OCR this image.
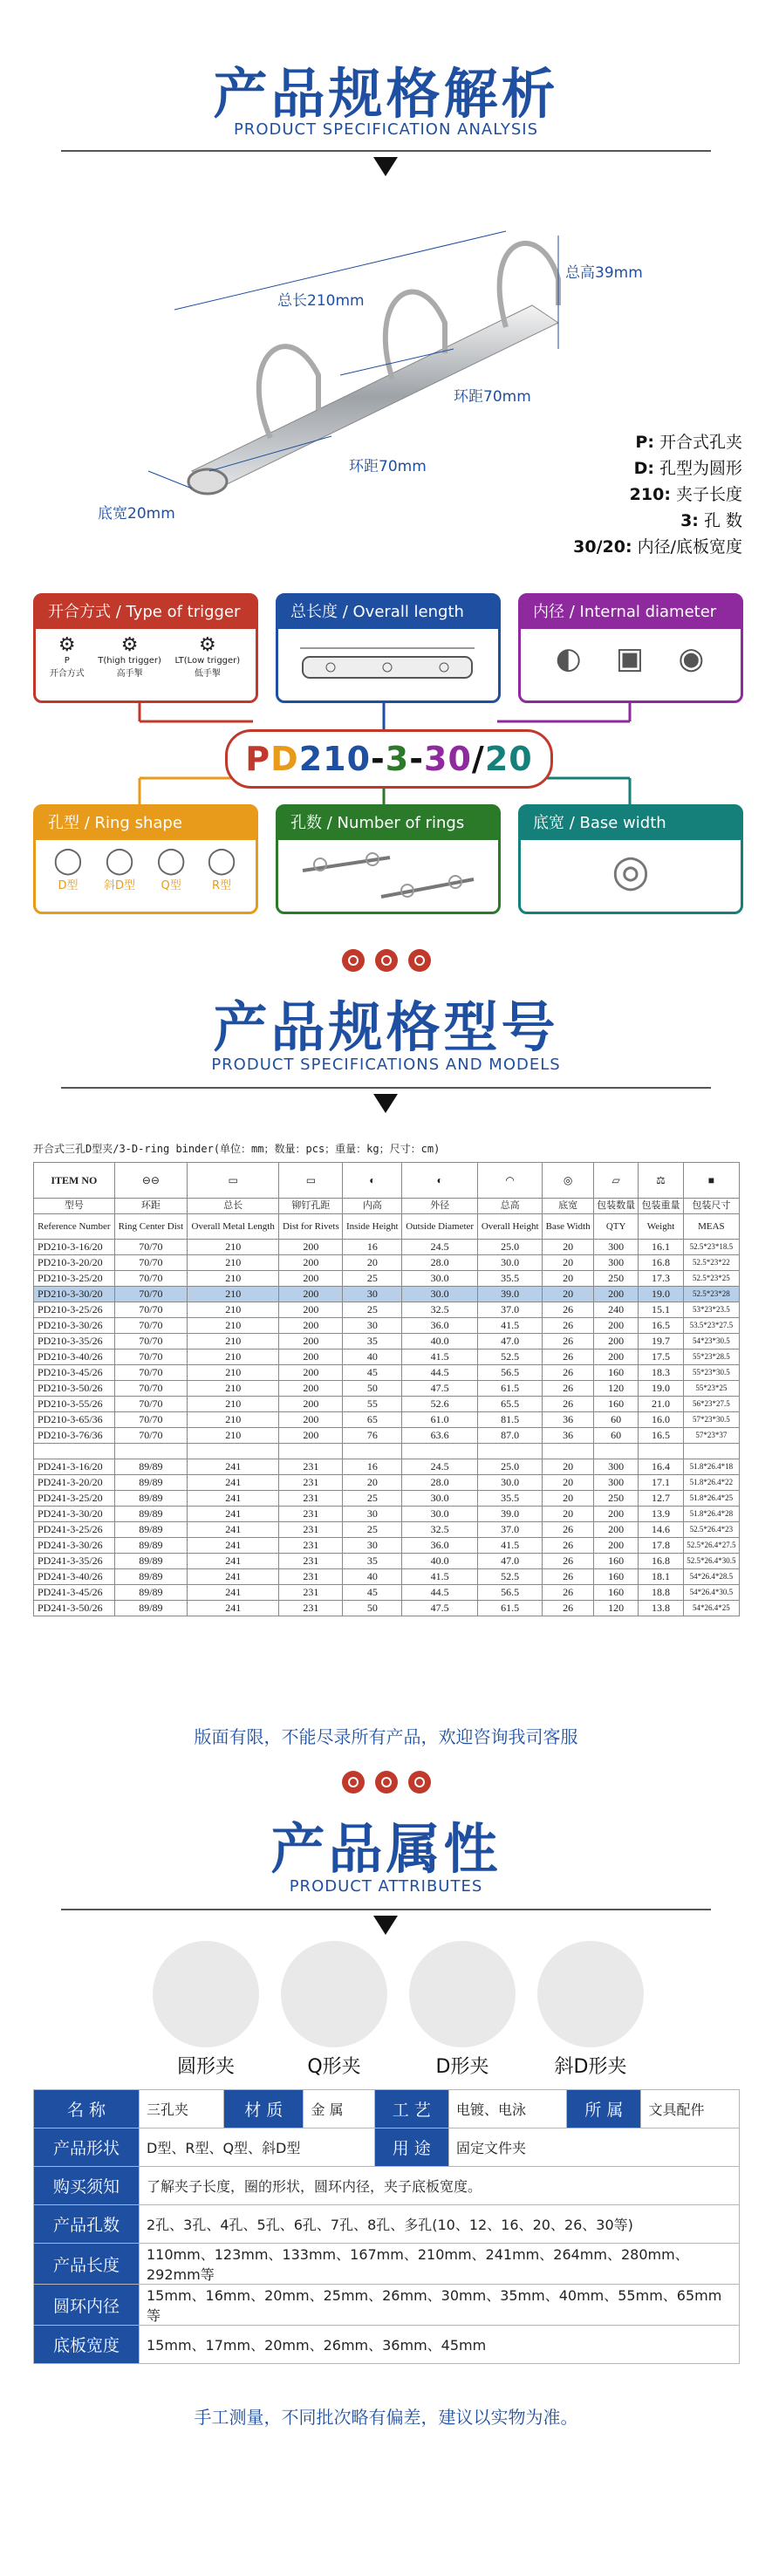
产品规格解析
PRODUCT SPECIFICATION ANALYSIS
总长210mm
总高39mm
环距70mm
环距70mm
底宽20mm
P: 开合式孔夹
D: 孔型为圆形
210: 夹子长度
3: 孔 数
30/20: 内径/底板宽度
开合方式 / Type of trigger
⚙
P
开合方式
⚙
T(high trigger)
高手掣
⚙
LT(Low trigger)
低手掣
总长度 / Overall length	内径 / Internal diameter
◐ ▣ ◉
PD210-3-30/20
孔型 / Ring shape
◯
D型
◯
斜D型
◯
Q型
◯
R型
孔数 / Number of rings	底宽 / Base width
◎
产品规格型号
PRODUCT SPECIFICATIONS AND MODELS
开合式三孔D型夹/3-D-ring binder(单位：mm；数量：pcs；重量：kg；尺寸：cm)
ITEM NO	⊖⊖	▭	▭	◐	◐	◠	◎	▱	⚖	■
型号	环距	总长	铆钉孔距	内高	外径	总高	底宽	包装数量	包装重量	包装尺寸
Reference Number	Ring Center Dist	Overall Metal Length	Dist for Rivets	Inside Height	Outside Diameter	Overall Height	Base Width	QTY	Weight	MEAS
PD210-3-16/20	70/70	210	200	16	24.5	25.0	20	300	16.1	52.5*23*18.5
PD210-3-20/20	70/70	210	200	20	28.0	30.0	20	300	16.8	52.5*23*22
PD210-3-25/20	70/70	210	200	25	30.0	35.5	20	250	17.3	52.5*23*25
PD210-3-30/20	70/70	210	200	30	30.0	39.0	20	200	19.0	52.5*23*28
PD210-3-25/26	70/70	210	200	25	32.5	37.0	26	240	15.1	53*23*23.5
PD210-3-30/26	70/70	210	200	30	36.0	41.5	26	200	16.5	53.5*23*27.5
PD210-3-35/26	70/70	210	200	35	40.0	47.0	26	200	19.7	54*23*30.5
PD210-3-40/26	70/70	210	200	40	41.5	52.5	26	200	17.5	55*23*28.5
PD210-3-45/26	70/70	210	200	45	44.5	56.5	26	160	18.3	55*23*30.5
PD210-3-50/26	70/70	210	200	50	47.5	61.5	26	120	19.0	55*23*25
PD210-3-55/26	70/70	210	200	55	52.6	65.5	26	160	21.0	56*23*27.5
PD210-3-65/36	70/70	210	200	65	61.0	81.5	36	60	16.0	57*23*30.5
PD210-3-76/36	70/70	210	200	76	63.6	87.0	36	60	16.5	57*23*37

PD241-3-16/20	89/89	241	231	16	24.5	25.0	20	300	16.4	51.8*26.4*18
PD241-3-20/20	89/89	241	231	20	28.0	30.0	20	300	17.1	51.8*26.4*22
PD241-3-25/20	89/89	241	231	25	30.0	35.5	20	250	12.7	51.8*26.4*25
PD241-3-30/20	89/89	241	231	30	30.0	39.0	20	200	13.9	51.8*26.4*28
PD241-3-25/26	89/89	241	231	25	32.5	37.0	26	200	14.6	52.5*26.4*23
PD241-3-30/26	89/89	241	231	30	36.0	41.5	26	200	17.8	52.5*26.4*27.5
PD241-3-35/26	89/89	241	231	35	40.0	47.0	26	160	16.8	52.5*26.4*30.5
PD241-3-40/26	89/89	241	231	40	41.5	52.5	26	160	18.1	54*26.4*28.5
PD241-3-45/26	89/89	241	231	45	44.5	56.5	26	160	18.8	54*26.4*30.5
PD241-3-50/26	89/89	241	231	50	47.5	61.5	26	120	13.8	54*26.4*25
版面有限，不能尽录所有产品，欢迎咨询我司客服
产品属性
PRODUCT ATTRIBUTES
圆形夹	Q形夹	D形夹	斜D形夹
名 称	三孔夹	材 质	金 属	工 艺	电镀、电泳	所 属	文具配件
产品形状	D型、R型、Q型、斜D型			用 途	固定文件夹		
购买须知	了解夹子长度，圈的形状，圆环内径，夹子底板宽度。						
产品孔数	2孔、3孔、4孔、5孔、6孔、7孔、8孔、多孔(10、12、16、20、26、30等)						
产品长度	110mm、123mm、133mm、167mm、210mm、241mm、264mm、280mm、292mm等						
圆环内径	15mm、16mm、20mm、25mm、26mm、30mm、35mm、40mm、55mm、65mm等						
底板宽度	15mm、17mm、20mm、26mm、36mm、45mm						
手工测量，不同批次略有偏差，建议以实物为准。
